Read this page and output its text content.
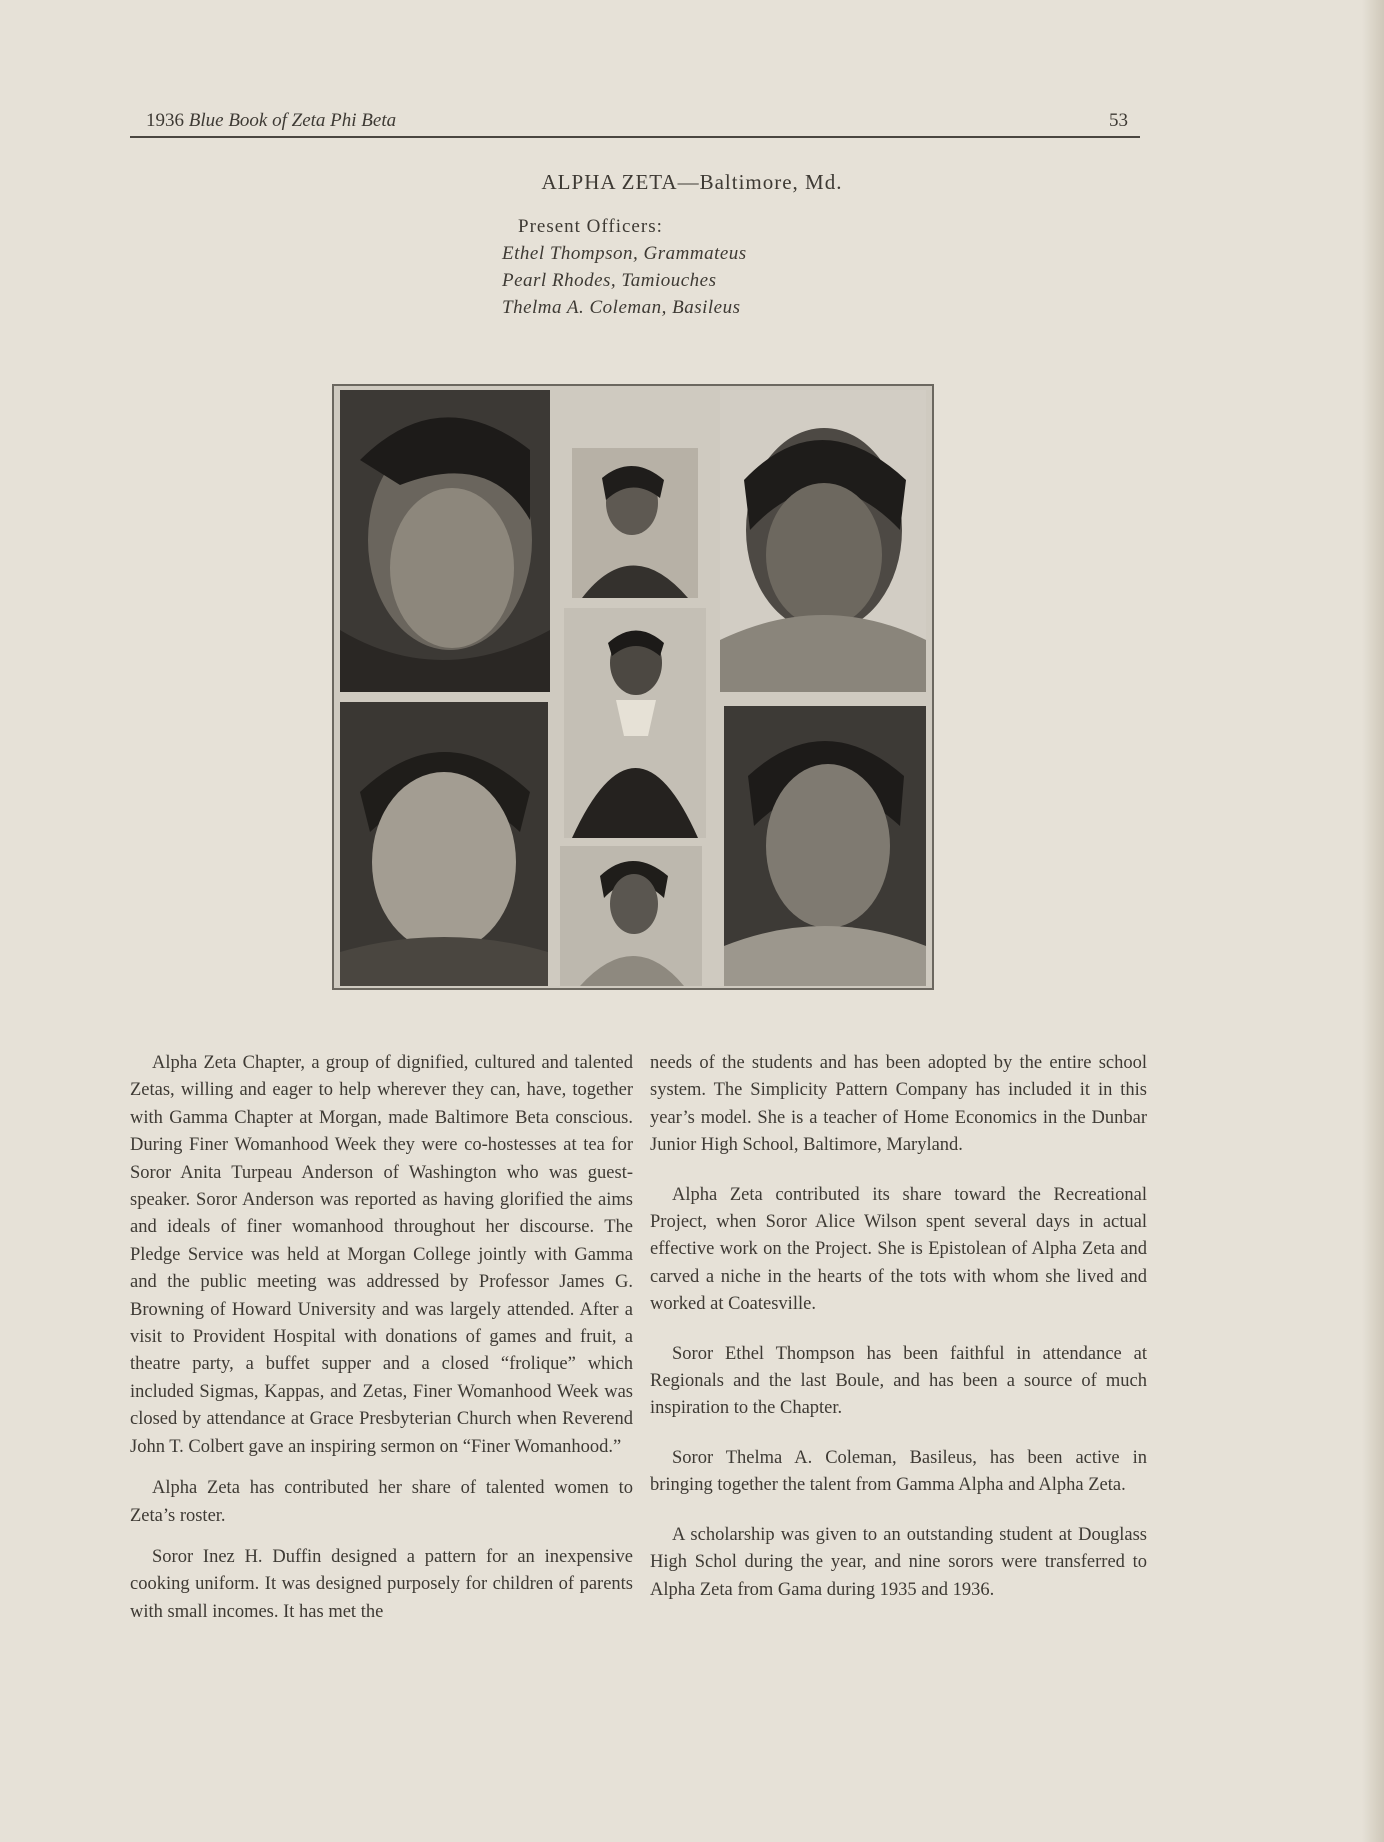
1936 Blue Book of Zeta Phi Beta	53
ALPHA ZETA—Baltimore, Md.
Present Officers:
Ethel Thompson, Grammateus
Pearl Rhodes, Tamiouches
Thelma A. Coleman, Basileus

Alpha Zeta Chapter, a group of dignified, cultured and talented Zetas, willing and eager to help wherever they can, have, together with Gamma Chapter at Morgan, made Baltimore Beta conscious. During Finer Womanhood Week they were co-hostesses at tea for Soror Anita Turpeau Anderson of Washington who was guest-speaker. Soror Anderson was reported as having glorified the aims and ideals of finer womanhood throughout her discourse. The Pledge Service was held at Morgan College jointly with Gamma and the public meeting was addressed by Professor James G. Browning of Howard University and was largely attended. After a visit to Provident Hospital with donations of games and fruit, a theatre party, a buffet supper and a closed “frolique” which included Sigmas, Kappas, and Zetas, Finer Womanhood Week was closed by attendance at Grace Presbyterian Church when Reverend John T. Colbert gave an inspiring sermon on “Finer Womanhood.”

Alpha Zeta has contributed her share of talented women to Zeta’s roster.

Soror Inez H. Duffin designed a pattern for an inexpensive cooking uniform. It was designed purposely for children of parents with small incomes. It has met the

needs of the students and has been adopted by the entire school system. The Simplicity Pattern Company has included it in this year’s model. She is a teacher of Home Economics in the Dunbar Junior High School, Baltimore, Maryland.

Alpha Zeta contributed its share toward the Recreational Project, when Soror Alice Wilson spent several days in actual effective work on the Project. She is Epistolean of Alpha Zeta and carved a niche in the hearts of the tots with whom she lived and worked at Coatesville.

Soror Ethel Thompson has been faithful in attendance at Regionals and the last Boule, and has been a source of much inspiration to the Chapter.

Soror Thelma A. Coleman, Basileus, has been active in bringing together the talent from Gamma Alpha and Alpha Zeta.

A scholarship was given to an outstanding student at Douglass High Schol during the year, and nine sorors were transferred to Alpha Zeta from Gama during 1935 and 1936.
